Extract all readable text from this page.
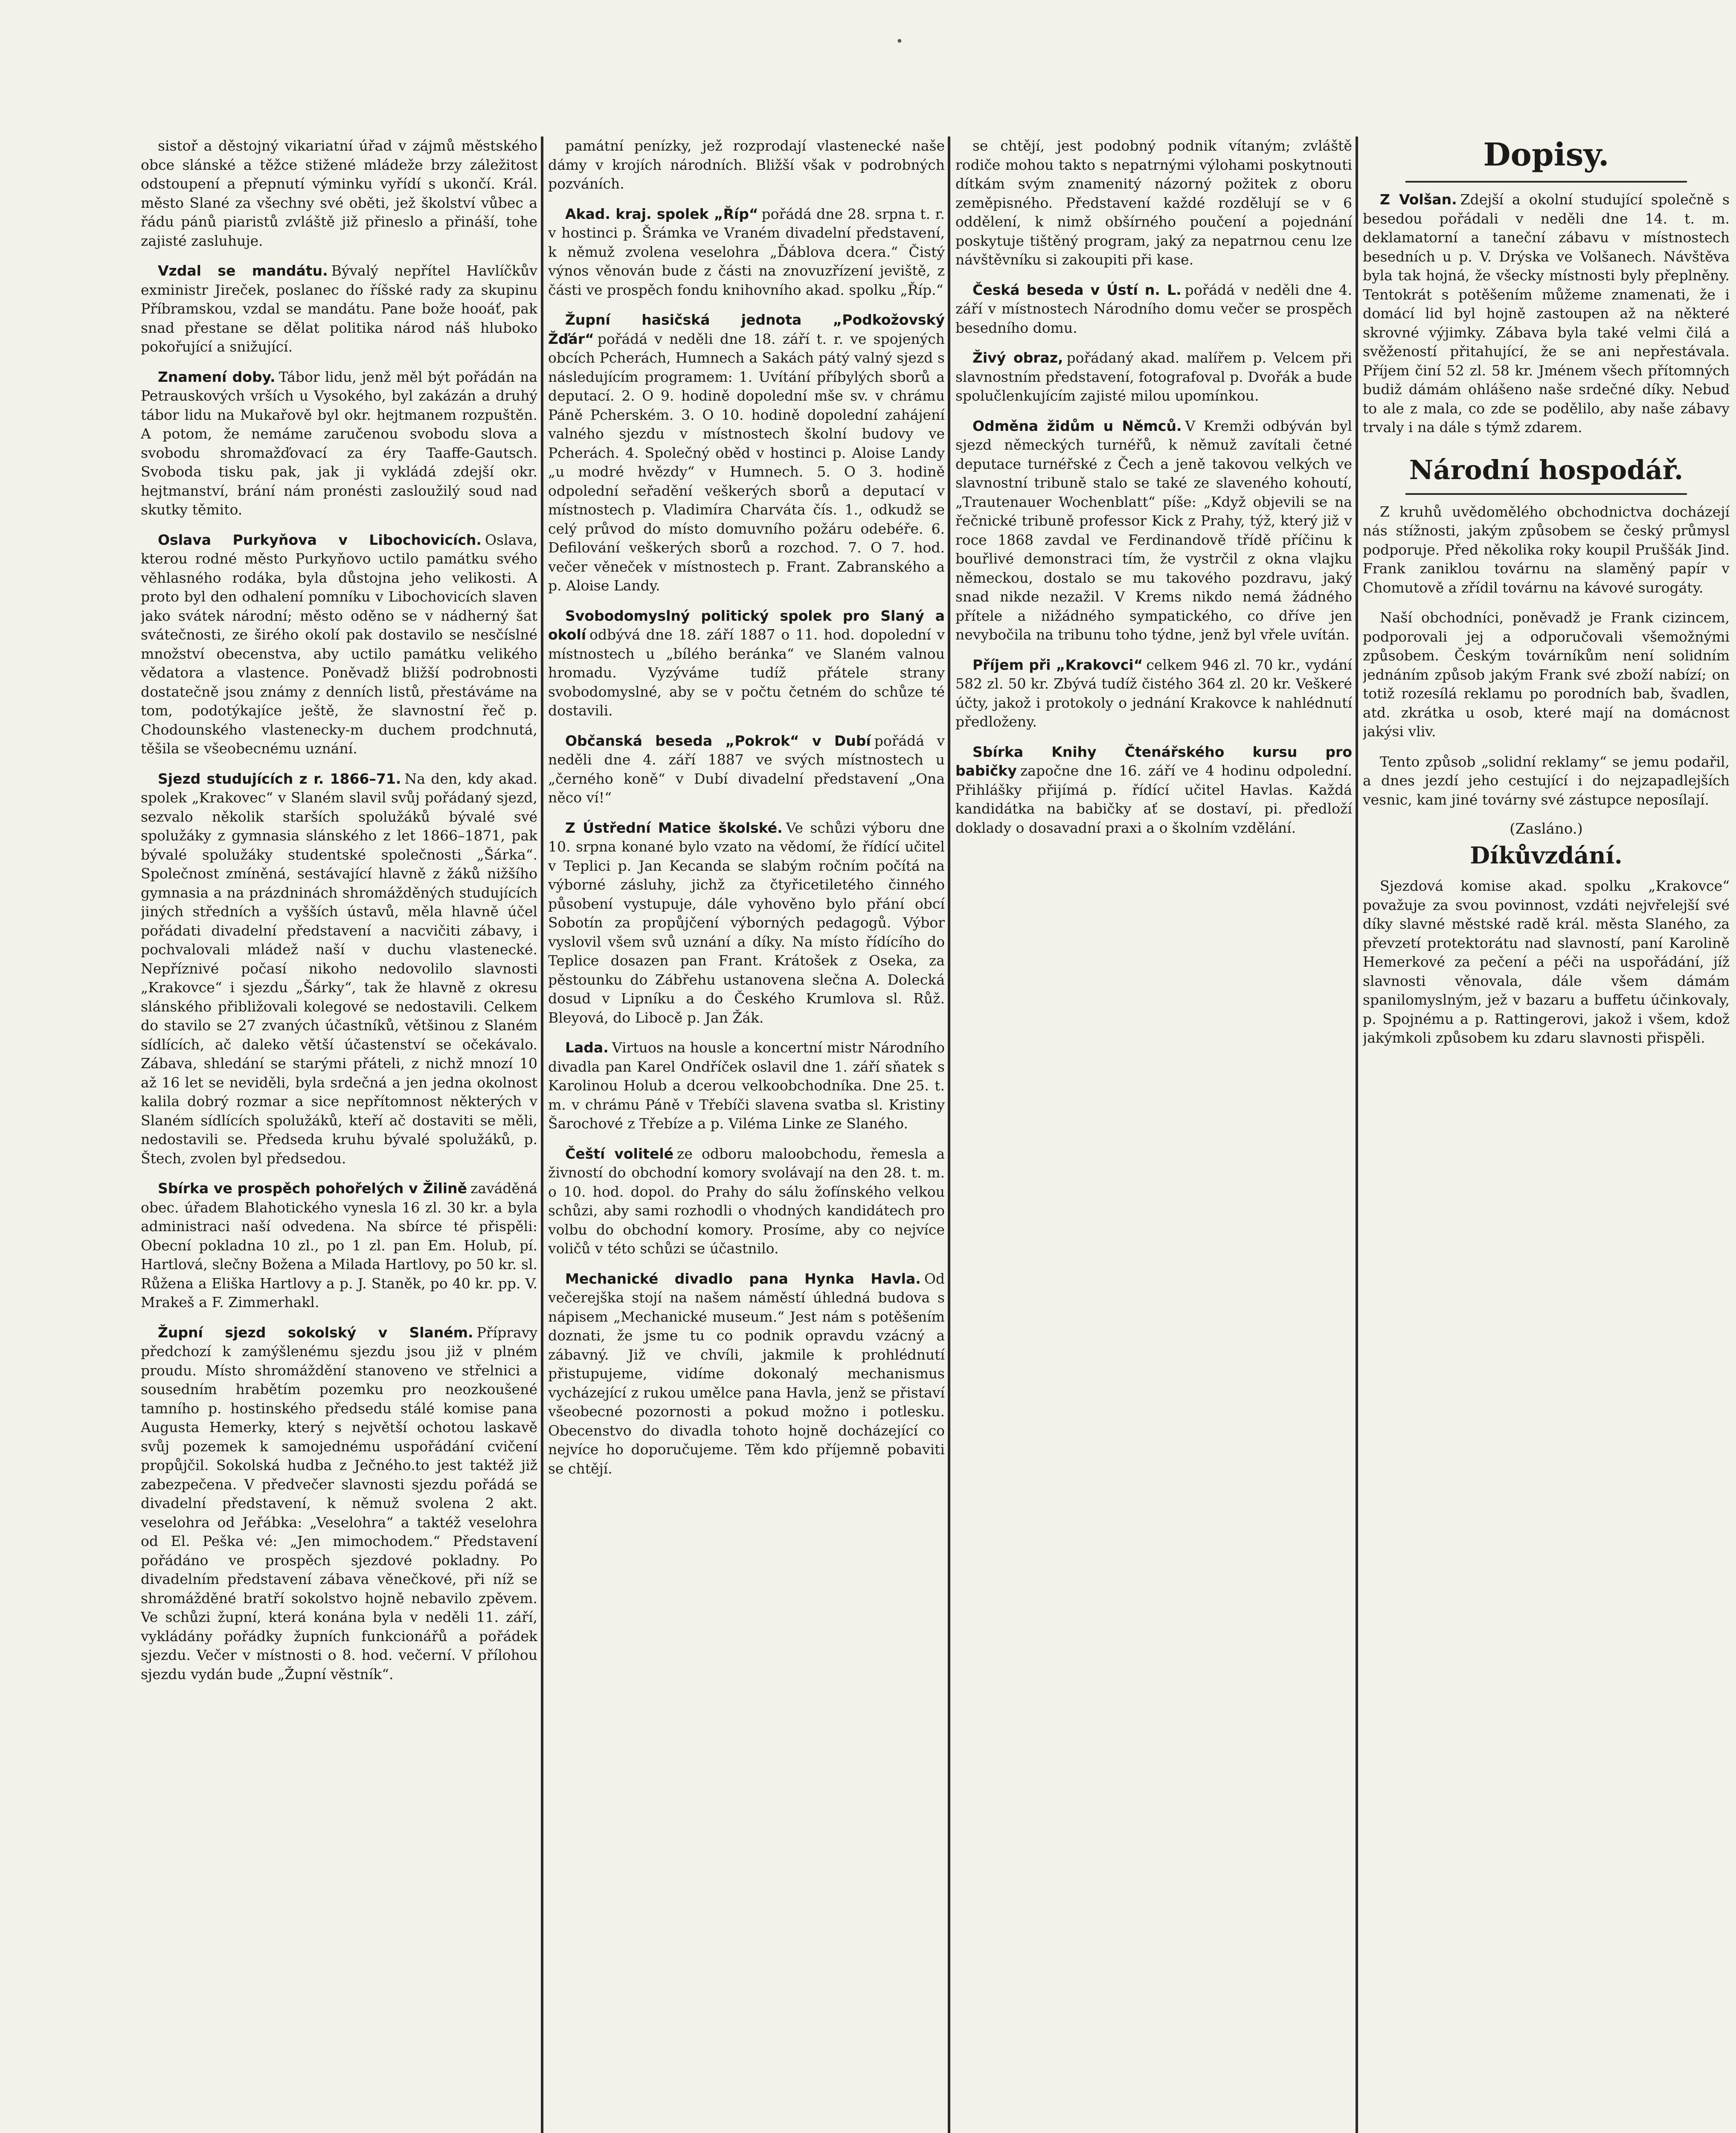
•

sistoř a děstojný vikariatní úřad v zájmů městského obce slánské a těžce stižené mládeže brzy záležitost odstoupení a přepnutí výminku vyřídí s ukončí. Král. město Slané za všechny své oběti, jež školství vůbec a řádu pánů piaristů zvláště již přineslo a přináší, tohe zajisté zasluhuje.

Vzdal se mandátu. Bývalý nepřítel Havlíčkův exministr Jireček, poslanec do říšské rady za skupinu Příbramskou, vzdal se mandátu. Pane bože hooáť, pak snad přestane se dělat politika národ náš hluboko pokořující a snižující.

Znamení doby. Tábor lidu, jenž měl být pořádán na Petrauskových vrších u Vysokého, byl zakázán a druhý tábor lidu na Mukařově byl okr. hejtmanem rozpuštěn. A potom, že nemáme zaručenou svobodu slova a svobodu shromažďovací za éry Taaffe-Gautsch. Svoboda tisku pak, jak ji vykládá zdejší okr. hejtmanství, brání nám pronésti zasloužilý soud nad skutky těmito.

Oslava Purkyňova v Libochovicích. Oslava, kterou rodné město Purkyňovo uctilo památku svého věhlasného rodáka, byla důstojna jeho velikosti. A proto byl den odhalení pomníku v Libochovicích slaven jako svátek národní; město oděno se v nádherný šat svátečnosti, ze širého okolí pak dostavilo se nesčíslné množství obecenstva, aby uctilo památku velikého vědatora a vlastence. Poněvadž bližší podrobnosti dostatečně jsou známy z denních listů, přestáváme na tom, podotýkajíce ještě, že slavnostní řeč p. Chodounského vlastenecky-m duchem prodchnutá, těšila se všeobecnému uznání.

Sjezd studujících z r. 1866–71. Na den, kdy akad. spolek „Krakovec“ v Slaném slavil svůj pořádaný sjezd, sezvalo několik starších spolužáků bývalé své spolužáky z gymnasia slánského z let 1866–1871, pak bývalé spolužáky studentské společnosti „Šárka“. Společnost zmíněná, sestávající hlavně z žáků nižšího gymnasia a na prázdninách shromážděných studujících jiných středních a vyšších ústavů, měla hlavně účel pořádati divadelní představení a nacvičiti zábavy, i pochvalovali mládež naší v duchu vlastenecké. Nepříznivé počasí nikoho nedovolilo slavnosti „Krakovce“ i sjezdu „Šárky“, tak že hlavně z okresu slánského přibližovali kolegové se nedostavili. Celkem do stavilo se 27 zvaných účastníků, většinou z Slaném sídlících, ač daleko větší účastenství se očekávalo. Zábava, shledání se starými přáteli, z nichž mnozí 10 až 16 let se neviděli, byla srdečná a jen jedna okolnost kalila dobrý rozmar a sice nepřítomnost některých v Slaném sídlících spolužáků, kteří ač dostaviti se měli, nedostavili se. Předseda kruhu bývalé spolužáků, p. Štech, zvolen byl předsedou.

Sbírka ve prospěch pohořelých v Žilině zaváděná obec. úřadem Blahotického vynesla 16 zl. 30 kr. a byla administraci naší odvedena. Na sbírce té přispěli: Obecní pokladna 10 zl., po 1 zl. pan Em. Holub, pí. Hartlová, slečny Božena a Milada Hartlovy, po 50 kr. sl. Růžena a Eliška Hartlovy a p. J. Staněk, po 40 kr. pp. V. Mrakeš a F. Zimmerhakl.

Župní sjezd sokolský v Slaném. Přípravy předchozí k zamýšlenému sjezdu jsou již v plném proudu. Místo shromáždění stanoveno ve střelnici a sousedním hrabětím pozemku pro neozkoušené tamního p. hostinského předsedu stálé komise pana Augusta Hemerky, který s největší ochotou laskavě svůj pozemek k samojednému uspořádání cvičení propůjčil. Sokolská hudba z Ječného.to jest taktéž již zabezpečena. V předvečer slavnosti sjezdu pořádá se divadelní představení, k němuž svolena 2 akt. veselohra od Jeřábka: „Veselohra“ a taktéž veselohra od El. Peška vé: „Jen mimochodem.“ Představení pořádáno ve prospěch sjezdové pokladny. Po divadelním představení zábava věnečkové, při níž se shromážděné bratří sokolstvo hojně nebavilo zpěvem. Ve schůzi župní, která konána byla v neděli 11. září, vykládány pořádky župních funkcionářů a pořádek sjezdu. Večer v místnosti o 8. hod. večerní. V přílohou sjezdu vydán bude „Župní věstník“.

památní penízky, jež rozprodají vlastenecké naše dámy v krojích národních. Bližší však v podrobných pozváních.

Akad. kraj. spolek „Říp“ pořádá dne 28. srpna t. r. v hostinci p. Šrámka ve Vraném divadelní představení, k němuž zvolena veselohra „Ďáblova dcera.“ Čistý výnos věnován bude z části na znovuzřízení jeviště, z části ve prospěch fondu knihovního akad. spolku „Říp.“

Župní hasičská jednota „Podkožovský Žďár“ pořádá v neděli dne 18. září t. r. ve spojených obcích Pcherách, Humnech a Sakách pátý valný sjezd s následujícím programem: 1. Uvítání příbylých sborů a deputací. 2. O 9. hodině dopolední mše sv. v chrámu Páně Pcherském. 3. O 10. hodině dopolední zahájení valného sjezdu v místnostech školní budovy ve Pcherách. 4. Společný oběd v hostinci p. Aloise Landy „u modré hvězdy“ v Humnech. 5. O 3. hodině odpolední seřadění veškerých sborů a deputací v místnostech p. Vladimíra Charváta čís. 1., odkudž se celý průvod do místo domuvního požáru odebéře. 6. Defilování veškerých sborů a rozchod. 7. O 7. hod. večer věneček v místnostech p. Frant. Zabranského a p. Aloise Landy.

Svobodomyslný politický spolek pro Slaný a okolí odbývá dne 18. září 1887 o 11. hod. dopolední v místnostech u „bílého beránka“ ve Slaném valnou hromadu. Vyzýváme tudíž přátele strany svobodomyslné, aby se v počtu četném do schůze té dostavili.

Občanská beseda „Pokrok“ v Dubí pořádá v neděli dne 4. září 1887 ve svých místnostech u „černého koně“ v Dubí divadelní představení „Ona něco ví!“

Z Ústřední Matice školské. Ve schůzi výboru dne 10. srpna konané bylo vzato na vědomí, že řídící učitel v Teplici p. Jan Kecanda se slabým ročním počítá na výborné zásluhy, jichž za čtyřicetiletého činného působení vystupuje, dále vyhověno bylo přání obcí Sobotín za propůjčení výborných pedagogů. Výbor vyslovil všem svů uznání a díky. Na místo řídícího do Teplice dosazen pan Frant. Krátošek z Oseka, za pěstounku do Zábřehu ustanovena slečna A. Dolecká dosud v Lipníku a do Českého Krumlova sl. Růž. Bleyová, do Libocě p. Jan Žák.

Lada. Virtuos na housle a koncertní mistr Národního divadla pan Karel Ondříček oslavil dne 1. září sňatek s Karolinou Holub a dcerou velkoobchodníka. Dne 25. t. m. v chrámu Páně v Třebíči slavena svatba sl. Kristiny Šarochové z Třebíze a p. Viléma Linke ze Slaného.

Čeští volitelé ze odboru maloobchodu, řemesla a živností do obchodní komory svolávají na den 28. t. m. o 10. hod. dopol. do Prahy do sálu žofínského velkou schůzi, aby sami rozhodli o vhodných kandidátech pro volbu do obchodní komory. Prosíme, aby co nejvíce voličů v této schůzi se účastnilo.

Mechanické divadlo pana Hynka Havla. Od večerejška stojí na našem náměstí úhledná budova s nápisem „Mechanické museum.“ Jest nám s potěšením doznati, že jsme tu co podnik opravdu vzácný a zábavný. Již ve chvíli, jakmile k prohlédnutí přistupujeme, vidíme dokonalý mechanismus vycházející z rukou umělce pana Havla, jenž se přistaví všeobecné pozornosti a pokud možno i potlesku. Obecenstvo do divadla tohoto hojně docházející co nejvíce ho doporučujeme. Těm kdo příjemně pobaviti se chtějí.

se chtějí, jest podobný podnik vítaným; zvláště rodiče mohou takto s nepatrnými výlohami poskytnouti dítkám svým znamenitý názorný požitek z oboru zeměpisného. Představení každé rozdělují se v 6 oddělení, k nimž obšírného poučení a pojednání poskytuje tištěný program, jaký za nepatrnou cenu lze návštěvníku si zakoupiti při kase.

Česká beseda v Ústí n. L. pořádá v neděli dne 4. září v místnostech Národního domu večer se prospěch besedního domu.

Živý obraz, pořádaný akad. malířem p. Velcem při slavnostním představení, fotografoval p. Dvořák a bude spolučlenkujícím zajisté milou upomínkou.

Odměna židům u Němců. V Kremži odbýván byl sjezd německých turnéřů, k němuž zavítali četné deputace turnéřské z Čech a jeně takovou velkých ve slavnostní tribuně stalo se také ze slaveného kohoutí, „Trautenauer Wochenblatt“ píše: „Když objevili se na řečnické tribuně professor Kick z Prahy, týž, který již v roce 1868 zavdal ve Ferdinandově třídě příčinu k bouřlivé demonstraci tím, že vystrčil z okna vlajku německou, dostalo se mu takového pozdravu, jaký snad nikde nezažil. V Krems nikdo nemá žádného přítele a nižádného sympatického, co dříve jen nevybočila na tribunu toho týdne, jenž byl vřele uvítán.

Příjem při „Krakovci“ celkem 946 zl. 70 kr., vydání 582 zl. 50 kr. Zbývá tudíž čistého 364 zl. 20 kr. Veškeré účty, jakož i protokoly o jednání Krakovce k nahlédnutí předloženy.

Sbírka Knihy Čtenářského kursu pro babičky započne dne 16. září ve 4 hodinu odpolední. Přihlášky přijímá p. řídící učitel Havlas. Každá kandidátka na babičky ať se dostaví, pi. předloží doklady o dosavadní praxi a o školním vzdělání.

Dopisy.

Z Volšan. Zdejší a okolní studující společně s besedou pořádali v neděli dne 14. t. m. deklamatorní a taneční zábavu v místnostech besedních u p. V. Drýska ve Volšanech. Návštěva byla tak hojná, že všecky místnosti byly přeplněny. Tentokrát s potěšením můžeme znamenati, že i domácí lid byl hojně zastoupen až na některé skrovné výjimky. Zábava byla také velmi čilá a svěžeností přitahující, že se ani nepřestávala. Příjem činí 52 zl. 58 kr. Jménem všech přítomných budiž dámám ohlášeno naše srdečné díky. Nebuď to ale z mala, co zde se podělilo, aby naše zábavy trvaly i na dále s týmž zdarem.

Národní hospodář.

Z kruhů uvědomělého obchodnictva docházejí nás stížnosti, jakým způsobem se český průmysl podporuje. Před několika roky koupil Pruššák Jind. Frank zaniklou továrnu na slaměný papír v Chomutově a zřídil továrnu na kávové surogáty.

Naší obchodníci, poněvadž je Frank cizincem, podporovali jej a odporučovali všemožnými způsobem. Českým továrníkům není solidním jednáním způsob jakým Frank své zboží nabízí; on totiž rozesílá reklamu po porodních bab, švadlen, atd. zkrátka u osob, které mají na domácnost jakýsi vliv.

Tento způsob „solidní reklamy“ se jemu podařil, a dnes jezdí jeho cestující i do nejzapadlejších vesnic, kam jiné továrny své zástupce neposílají.

(Zasláno.)
Díkůvzdání.

Sjezdová komise akad. spolku „Krakovce“ považuje za svou povinnost, vzdáti nejvřelejší své díky slavné městské radě král. města Slaného, za převzetí protektorátu nad slavností, paní Karolině Hemerkové za pečení a péči na uspořádání, jíž slavnosti věnovala, dále všem dámám spanilomyslným, jež v bazaru a buffetu účinkovaly, p. Spojnému a p. Rattingerovi, jakož i všem, kdož jakýmkoli způsobem ku zdaru slavnosti přispěli.
